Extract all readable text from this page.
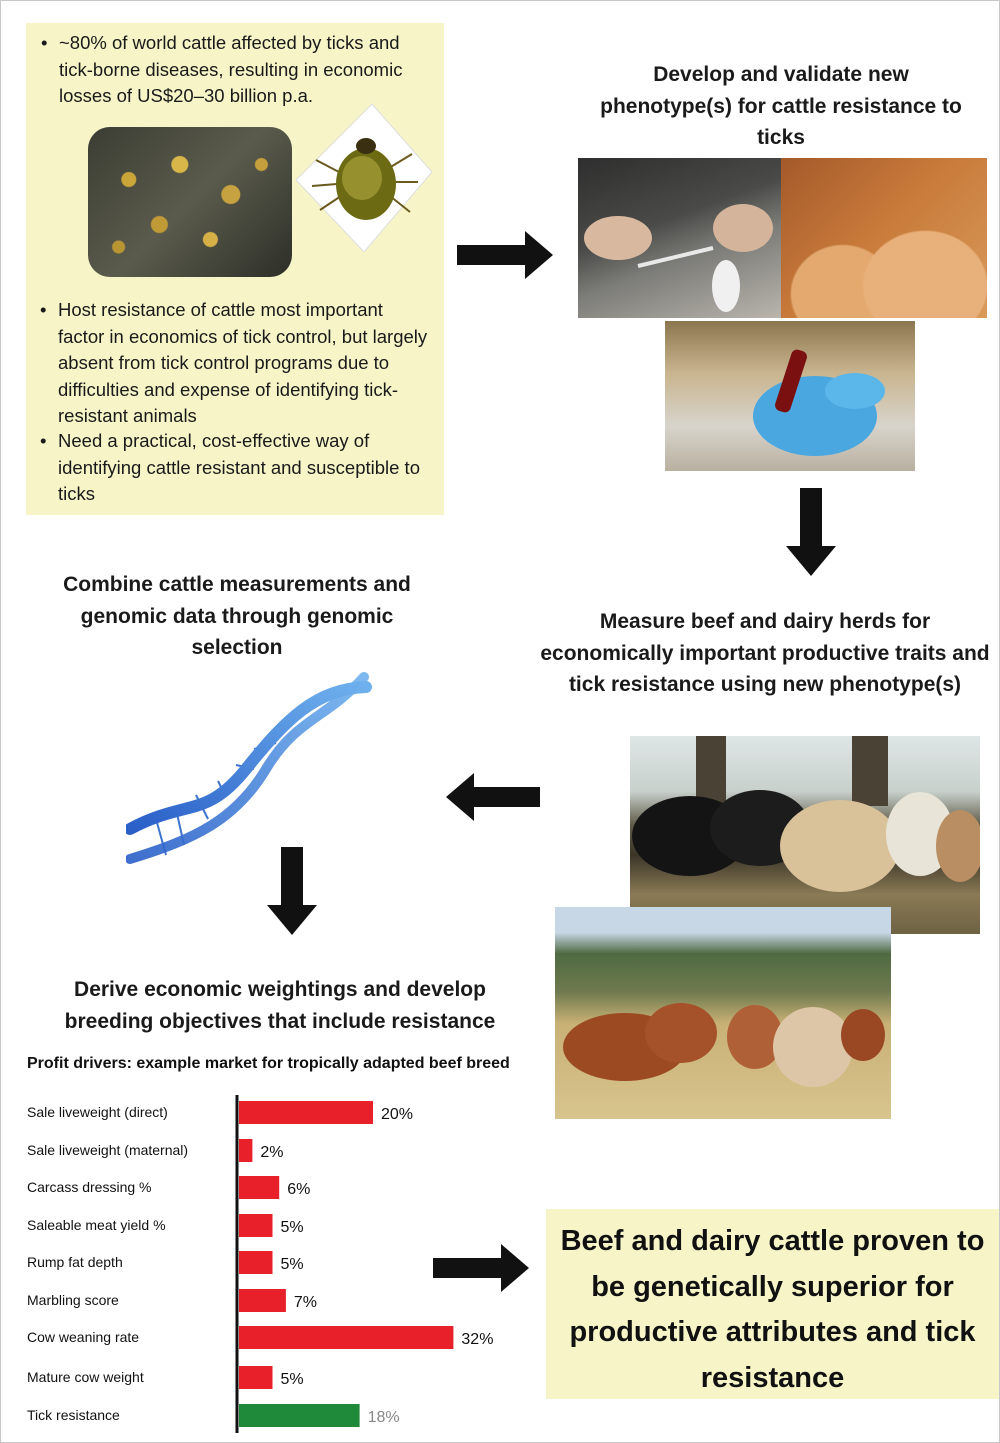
• ~80% of world cattle affected by ticks and tick-borne diseases, resulting in economic losses of US$20–30 billion p.a.
• Host resistance of cattle most important factor in economics of tick control, but largely absent from tick control programs due to difficulties and expense of identifying tick-resistant animals
• Need a practical, cost-effective way of identifying cattle resistant and susceptible to ticks
Develop and validate new phenotype(s) for cattle resistance to ticks
Measure beef and dairy herds for economically important productive traits and tick resistance using new phenotype(s)
Combine cattle measurements and genomic data through genomic selection
Derive economic weightings and develop breeding objectives that include resistance
Profit drivers: example market for tropically adapted beef breed
Sale liveweight (direct)	20%
Sale liveweight (maternal)	2%
Carcass dressing %	6%
Saleable meat yield %	5%
Rump fat depth	5%
Marbling score	7%
Cow weaning rate	32%
Mature cow weight	5%
Tick resistance	18%
Beef and dairy cattle proven to be genetically superior for productive attributes and tick resistance
